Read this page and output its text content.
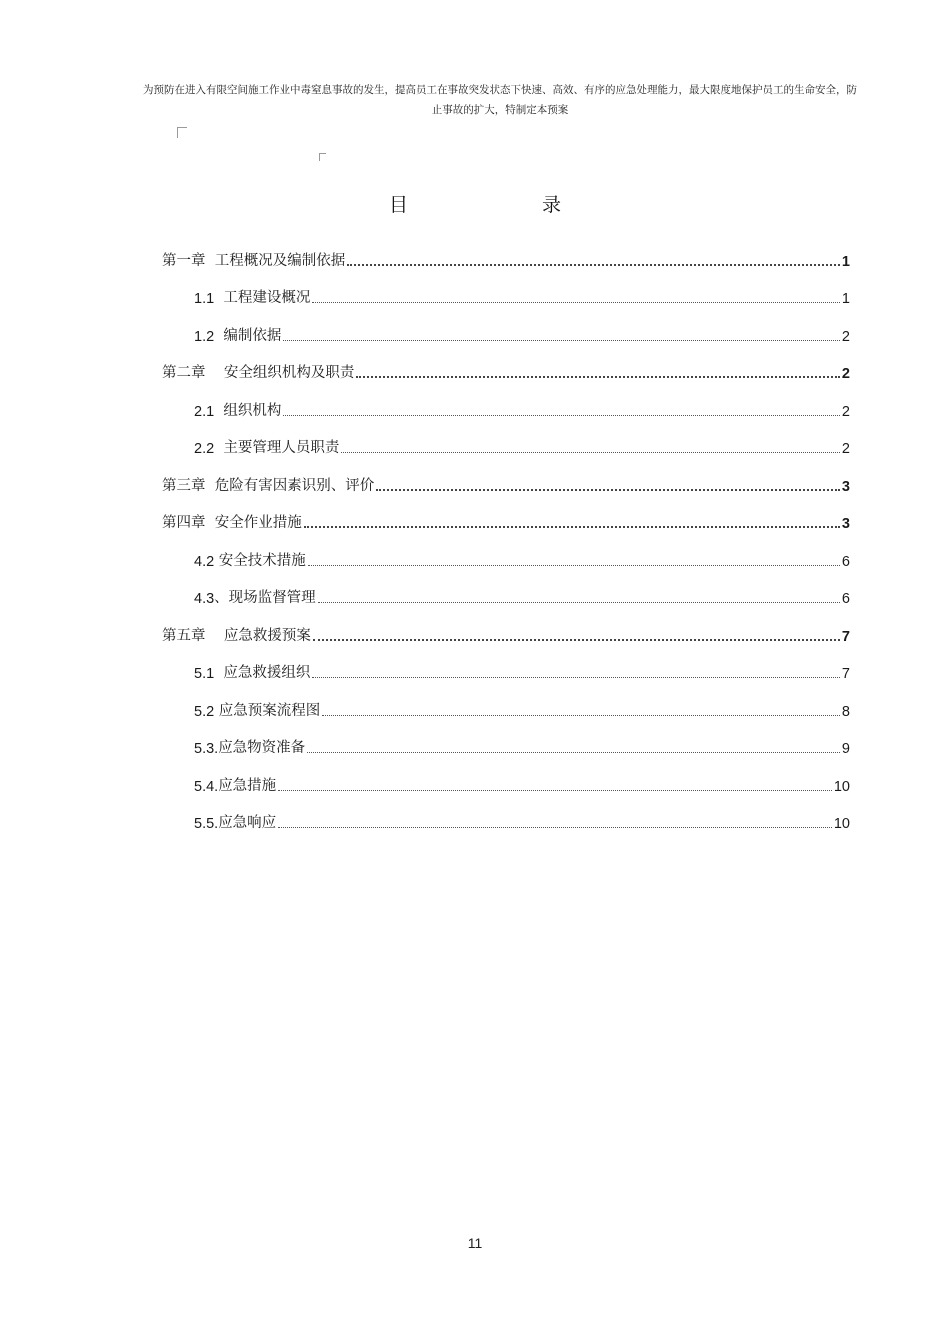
为预防在进入有限空间施工作业中毒窒息事故的发生，提高员工在事故突发状态下快速、高效、有序的应急处理能力，最大限度地保护员工的生命安全，防止事故的扩大，特制定本预案
目 录
第一章 工程概况及编制依据	1
1.1 工程建设概况	1
1.2 编制依据	2
第二章 安全组织机构及职责	2
2.1 组织机构	2
2.2 主要管理人员职责	2
第三章 危险有害因素识别、评价	3
第四章 安全作业措施	3
4.2 安全技术措施	6
4.3 、现场监督管理	6
第五章 应急救援预案	7
5.1 应急救援组织	7
5.2 应急预案流程图	8
5.3. 应急物资准备	9
5.4. 应急措施	10
5.5. 应急响应	10
11
